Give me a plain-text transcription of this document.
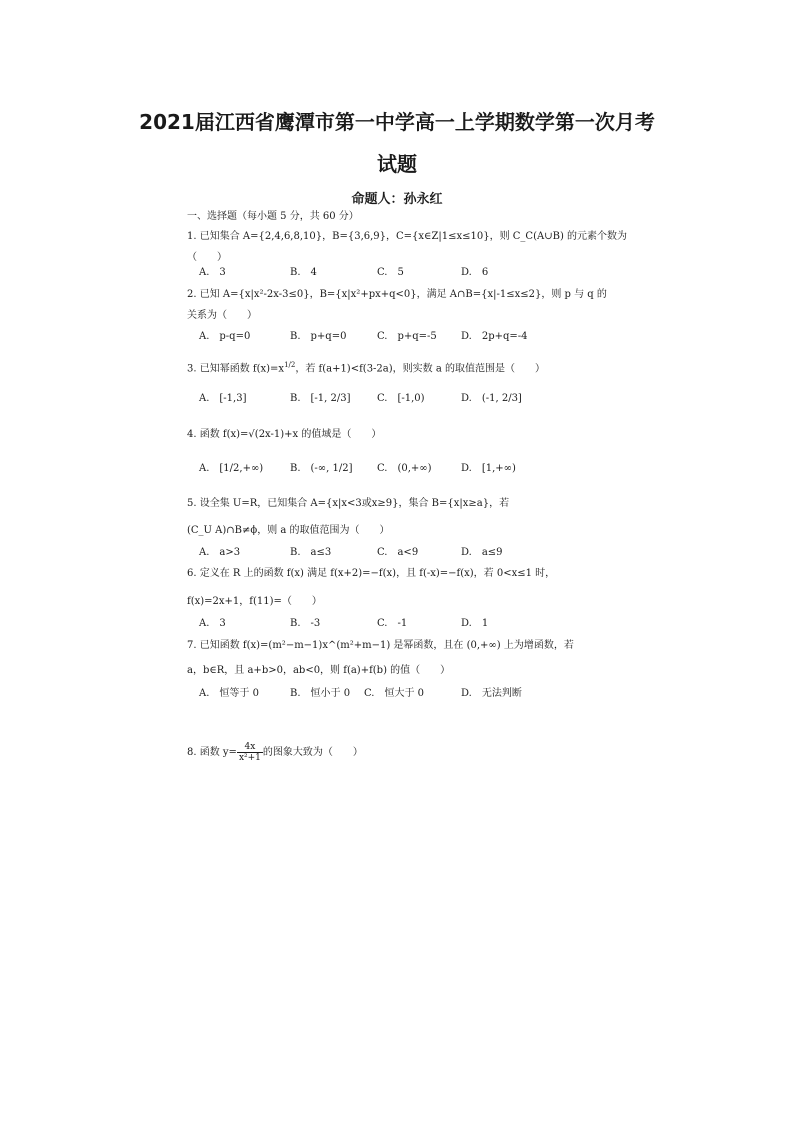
2021届江西省鹰潭市第一中学高一上学期数学第一次月考
试题
命题人：孙永红
一、选择题（每小题 5 分，共 60 分）
1. 已知集合 A={2,4,6,8,10}，B={3,6,9}，C={x∈Z|1≤x≤10}，则 C_C(A∪B) 的元素个数为
（　　）
A.　3	B.　4	C.　5	D.　6
2. 已知 A={x|x²-2x-3≤0}，B={x|x²+px+q<0}，满足 A∩B={x|-1≤x≤2}，则 p 与 q 的
关系为（　　）
A.　p-q=0	B.　p+q=0	C.　p+q=-5 D.　2p+q=-4
3. 已知幂函数 $f(x)=x^{1/2}$，若 f(a+1)<f(3-2a)，则实数 a 的取值范围是（　　）
A.　[-1,3]	B.　[-1, 2/3]	C.　[-1,0)	D.　(-1, 2/3]
4. 函数 f(x)=√(2x-1)+x 的值域是（　　）
A.　[1/2,+∞)	B.　(-∞, 1/2] C.　(0,+∞)	D.　[1,+∞)
5. 设全集 U=R，已知集合 A={x|x<3或x≥9}，集合 B={x|x≥a}，若
(C_U A)∩B≠ϕ，则 a 的取值范围为（　　）
A.　a>3	B.　a≤3	C.　a<9	D.　a≤9
6. 定义在 R 上的函数 f(x) 满足 f(x+2)=−f(x)，且 f(-x)=−f(x)，若 0<x≤1 时，
f(x)=2x+1，f(11)=（　　）
A.　3	B.　-3	C.　-1	D.　1
7. 已知函数 f(x)=(m²−m−1)x^(m²+m−1) 是幂函数，且在 (0,+∞) 上为增函数，若
a，b∈R，且 a+b>0，ab<0，则 f(a)+f(b) 的值（　　）
A.　恒等于 0	B.　恒小于 0 C.　恒大于 0	D.　无法判断
8. 函数 $y= \frac{4x}{\text{x²+1}}$ 的图象大致为（　　）
